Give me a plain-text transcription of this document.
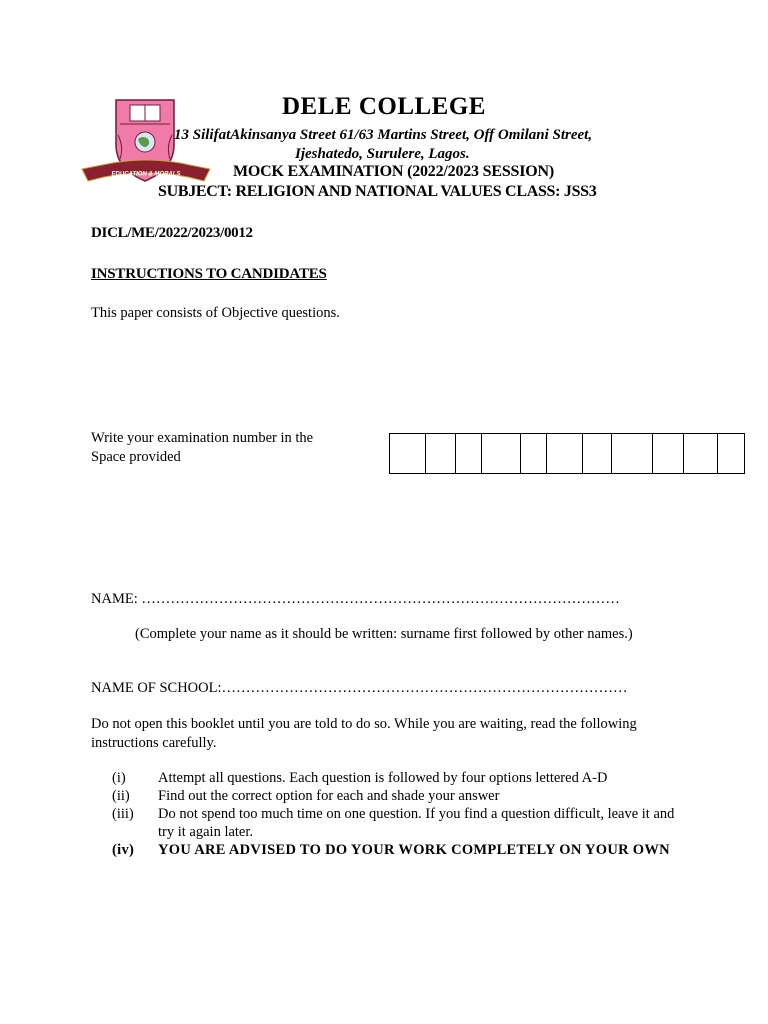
EDUCATION & MORALS
DELE COLLEGE
13 SilifatAkinsanya Street 61/63 Martins Street, Off Omilani Street,
Ijeshatedo, Surulere, Lagos.
MOCK EXAMINATION (2022/2023 SESSION)
SUBJECT: RELIGION AND NATIONAL VALUES CLASS: JSS3
DICL/ME/2022/2023/0012
INSTRUCTIONS TO CANDIDATES
This paper consists of Objective questions.
Write your examination number in the Space provided
NAME: ………………………………………………………………………………………
(Complete your name as it should be written: surname first followed by other names.)
NAME OF SCHOOL:…………………………………………………………………………
Do not open this booklet until you are told to do so. While you are waiting, read the following instructions carefully.
(i)	Attempt all questions. Each question is followed by four options lettered A-D
(ii)	Find out the correct option for each and shade your answer
(iii)	Do not spend too much time on one question. If you find a question difficult, leave it and try it again later.
(iv)	YOU ARE ADVISED TO DO YOUR WORK COMPLETELY ON YOUR OWN
